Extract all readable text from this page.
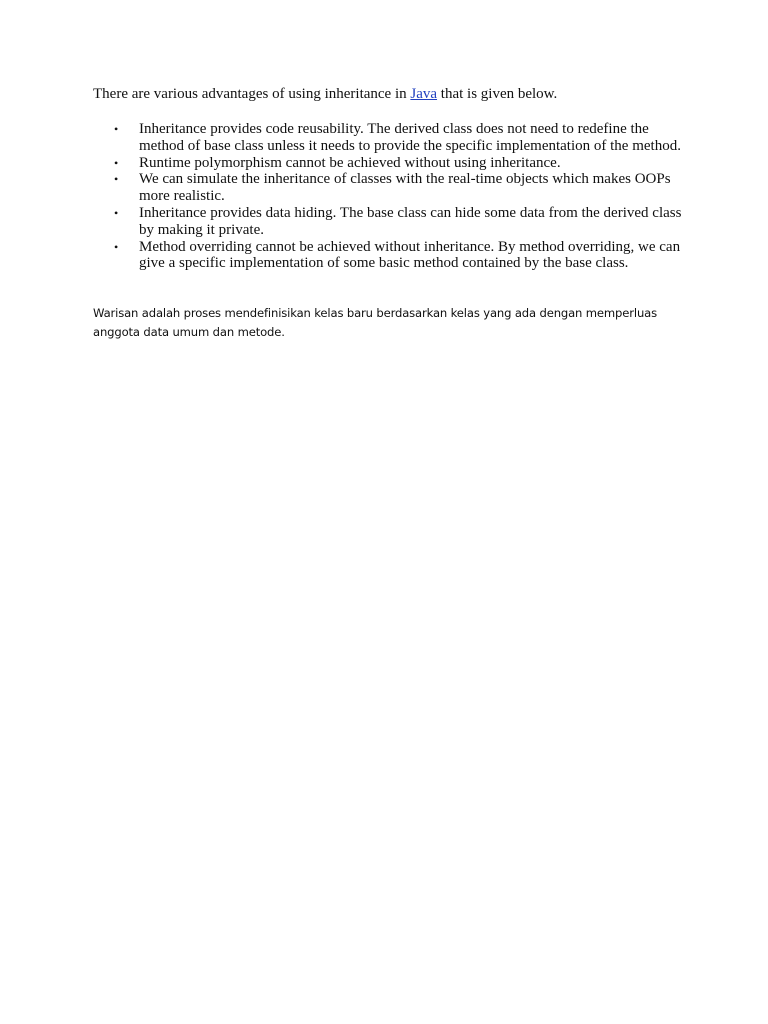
There are various advantages of using inheritance in Java that is given below.

• Inheritance provides code reusability. The derived class does not need to redefine the method of base class unless it needs to provide the specific implementation of the method.
• Runtime polymorphism cannot be achieved without using inheritance.
• We can simulate the inheritance of classes with the real-time objects which makes OOPs more realistic.
• Inheritance provides data hiding. The base class can hide some data from the derived class by making it private.
• Method overriding cannot be achieved without inheritance. By method overriding, we can give a specific implementation of some basic method contained by the base class.

Warisan adalah proses mendefinisikan kelas baru berdasarkan kelas yang ada dengan memperluas anggota data umum dan metode.
